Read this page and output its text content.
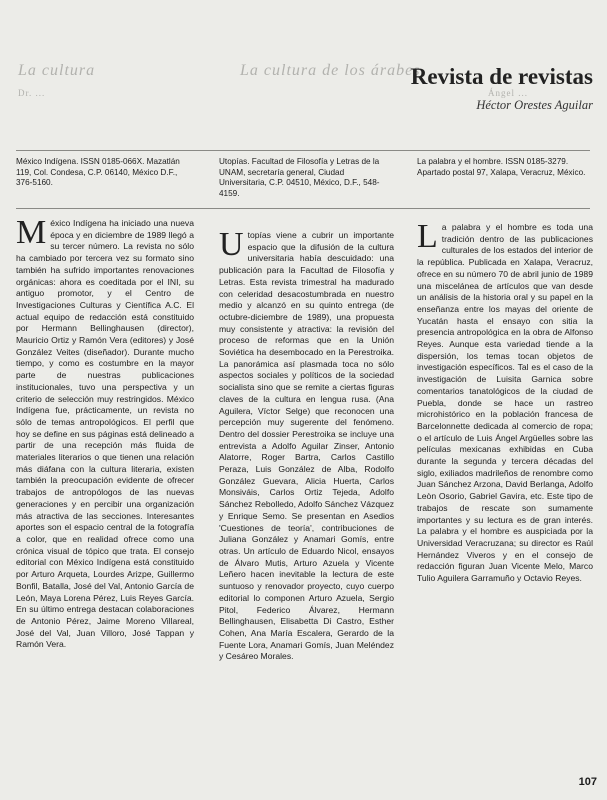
La cultura	La cultura de los árabes
Dr. ...	Ángel ...
Revista de revistas
Héctor Orestes Aguilar
México Indígena. ISSN 0185-066X. Mazatlán 119, Col. Condesa, C.P. 06140, México D.F., 376-5160.
Utopías. Facultad de Filosofía y Letras de la UNAM, secretaría general, Ciudad Universitaria, C.P. 04510, México, D.F., 548-4159.
La palabra y el hombre. ISSN 0185-3279. Apartado postal 97, Xalapa, Veracruz, México.

México Indígena ha iniciado una nueva época y en diciembre de 1989 llegó a su tercer número. La revista no sólo ha cambiado por tercera vez su formato sino también ha sufrido importantes renovaciones orgánicas: ahora es coeditada por el INI, su antiguo promotor, y el Centro de Investigaciones Culturas y Científica A.C. El actual equipo de redacción está constituido por Hermann Bellinghausen (director), Mauricio Ortiz y Ramón Vera (editores) y José González Veites (diseñador). Durante mucho tiempo, y como es costumbre en la mayor parte de nuestras publicaciones institucionales, tuvo una perspectiva y un criterio de selección muy restringidos. México Indígena fue, prácticamente, un revista no sólo de temas antropológicos. El perfil que hoy se define en sus páginas está delineado a partir de una recepción más fluida de materiales literarios o que tienen una relación más diáfana con la cultura literaria, existen también la preocupación evidente de ofrecer trabajos de antropólogos de las nuevas generaciones y en percibir una organización más atractiva de las secciones. Interesantes aportes son el espacio central de la fotografía a color, que en realidad ofrece como una crónica visual de tópico que trata. El consejo editorial con México Indígena está constituido por Arturo Arqueta, Lourdes Arizpe, Guillermo Bonfil, Batalla, José del Val, Antonio García de León, Maya Lorena Pérez, Luis Reyes García. En su último entrega destacan colaboraciones de Antonio Pérez, Jaime Moreno Villareal, José del Val, Juan Villoro, José Tappan y Ramón Vera.

Utopías viene a cubrir un importante espacio que la difusión de la cultura universitaria había descuidado: una publicación para la Facultad de Filosofía y Letras. Esta revista trimestral ha madurado con celeridad desacostumbrada en nuestro medio y alcanzó en su quinto entrega (de octubre-diciembre de 1989), una propuesta muy consistente y atractiva: la revisión del proceso de reformas que en la Unión Soviética ha desembocado en la Perestroika. La panorámica así plasmada toca no sólo aspectos sociales y políticos de la sociedad socialista sino que se remite a ciertas figuras claves de la cultura en lengua rusa. (Ana Aguilera, Víctor Selge) que reconocen una percepción muy sugerente del fenómeno. Dentro del dossier Perestroika se incluye una entrevista a Adolfo Aguilar Zinser, Antonio Alatorre, Roger Bartra, Carlos Castillo Peraza, Luis González de Alba, Rodolfo González Guevara, Alicia Huerta, Carlos Monsiváis, Carlos Ortiz Tejeda, Adolfo Sánchez Rebolledo, Adolfo Sánchez Vázquez y Enrique Semo. Se presentan en Asedios 'Cuestiones de teoría', contribuciones de Juliana González y Anamari Gomís, entre otras. Un artículo de Eduardo Nicol, ensayos de Álvaro Mutis, Arturo Azuela y Vicente Leñero hacen inevitable la lectura de este suntuoso y renovador proyecto, cuyo cuerpo editorial lo componen Arturo Azuela, Sergio Pitol, Federico Álvarez, Hermann Bellinghausen, Elisabetta Di Castro, Esther Cohen, Ana María Escalera, Gerardo de la Fuente Lora, Anamari Gomís, Juan Meléndez y Cesáreo Morales.

La palabra y el hombre es toda una tradición dentro de las publicaciones culturales de los estados del interior de la república. Publicada en Xalapa, Veracruz, ofrece en su número 70 de abril junio de 1989 una miscelánea de artículos que van desde un análisis de la historia oral y su papel en la enseñanza entre los mayas del oriente de Yucatán hasta el ensayo con sitia la presencia antropológica en la obra de Alfonso Reyes. Aunque esta variedad tiende a la dispersión, los temas tocan objetos de investigación específicos. Tal es el caso de la investigación de Luisita Garnica sobre comentarios tanatológicos de la ciudad de Puebla, donde se hace un rastreo microhistórico en la población francesa de Barcelonnette dedicada al comercio de ropa; o el artículo de Luis Ángel Argüelles sobre las películas mexicanas exhibidas en Cuba durante la segunda y tercera décadas del siglo, exiliados madrileños de renombre como Juan Sánchez Arzona, David Berlanga, Adolfo Leòn Osorio, Gabriel Gavira, etc. Este tipo de trabajos de rescate son sumamente importantes y su lectura es de gran interés. La palabra y el hombre es auspiciada por la Universidad Veracruzana; su director es Raúl Hernández Viveros y en el consejo de redacción figuran Juan Vicente Melo, Marco Tulio Aguilera Garramuño y Octavio Reyes.

107
